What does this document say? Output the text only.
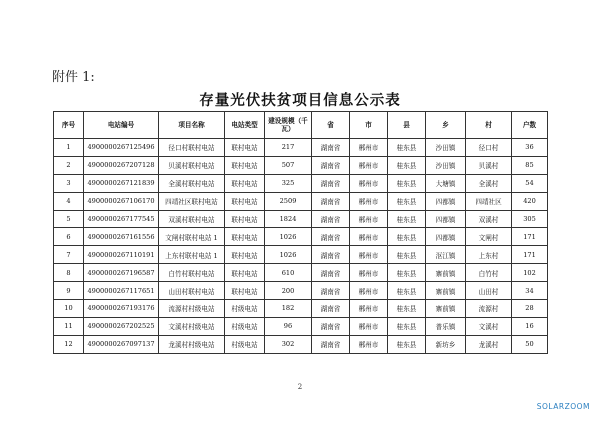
附件 1:
存量光伏扶贫项目信息公示表
序号	电站编号	项目名称	电站类型	建设规模（千瓦）	省	市	县	乡	村	户数
1	4900000267125496	径口村联村电站	联村电站	217	湖南省	郴州市	桂东县	沙田镇	径口村	36
2	4900000267207128	贝溪村联村电站	联村电站	507	湖南省	郴州市	桂东县	沙田镇	贝溪村	85
3	4900000267121839	全溪村联村电站	联村电站	325	湖南省	郴州市	桂东县	大塘镇	全溪村	54
4	4900000267106170	四靖社区联村电站	联村电站	2509	湖南省	郴州市	桂东县	四都镇	四靖社区	420
5	4900000267177545	双溪村联村电站	联村电站	1824	湖南省	郴州市	桂东县	四都镇	双溪村	305
6	4900000267161556	文闸村联村电站 1	联村电站	1026	湖南省	郴州市	桂东县	四都镇	文闸村	171
7	4900000267110191	上东村联村电站 1	联村电站	1026	湖南省	郴州市	桂东县	沤江镇	上东村	171
8	4900000267196587	白竹村联村电站	联村电站	610	湖南省	郴州市	桂东县	寨前镇	白竹村	102
9	4900000267117651	山田村联村电站	联村电站	200	湖南省	郴州市	桂东县	寨前镇	山田村	34
10	4900000267193176	流源村村级电站	村级电站	182	湖南省	郴州市	桂东县	寨前镇	流源村	28
11	4900000267202525	文溪村村级电站	村级电站	96	湖南省	郴州市	桂东县	普乐镇	文溪村	16
12	4900000267097137	龙溪村村级电站	村级电站	302	湖南省	郴州市	桂东县	新坊乡	龙溪村	50
2
SOLARZOOM
